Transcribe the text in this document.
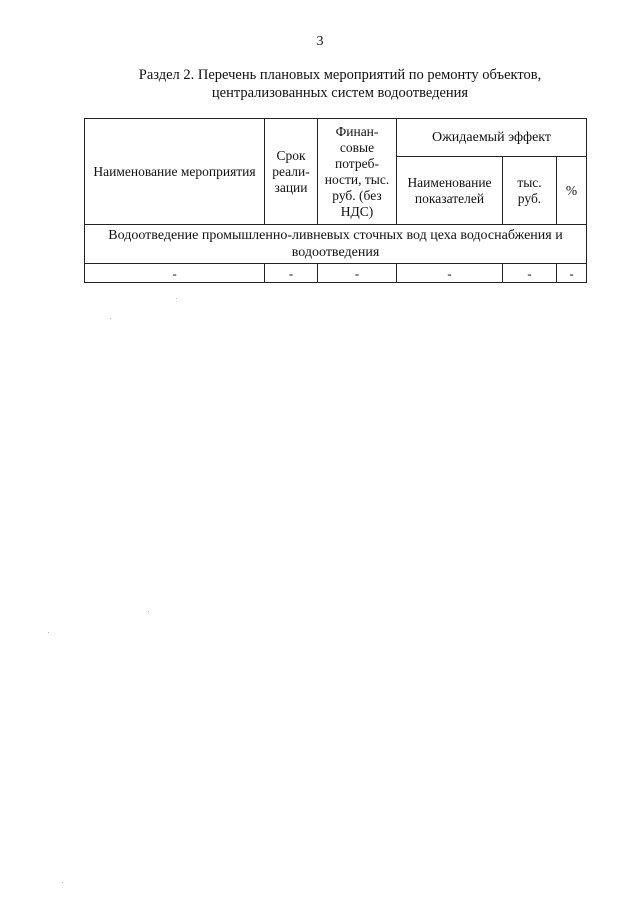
3
Раздел 2. Перечень плановых мероприятий по ремонту объектов,
централизованных систем водоотведения
Наименование мероприятия	Срок реали-зации	Финан-совые потреб-ности, тыс. руб. (без НДС)	Ожидаемый эффект		
			Наименование показателей	тыс. руб.	%
Водоотведение промышленно-ливневых сточных вод цеха водоснабжения и водоотведения					
-	-	-	-	-	-
